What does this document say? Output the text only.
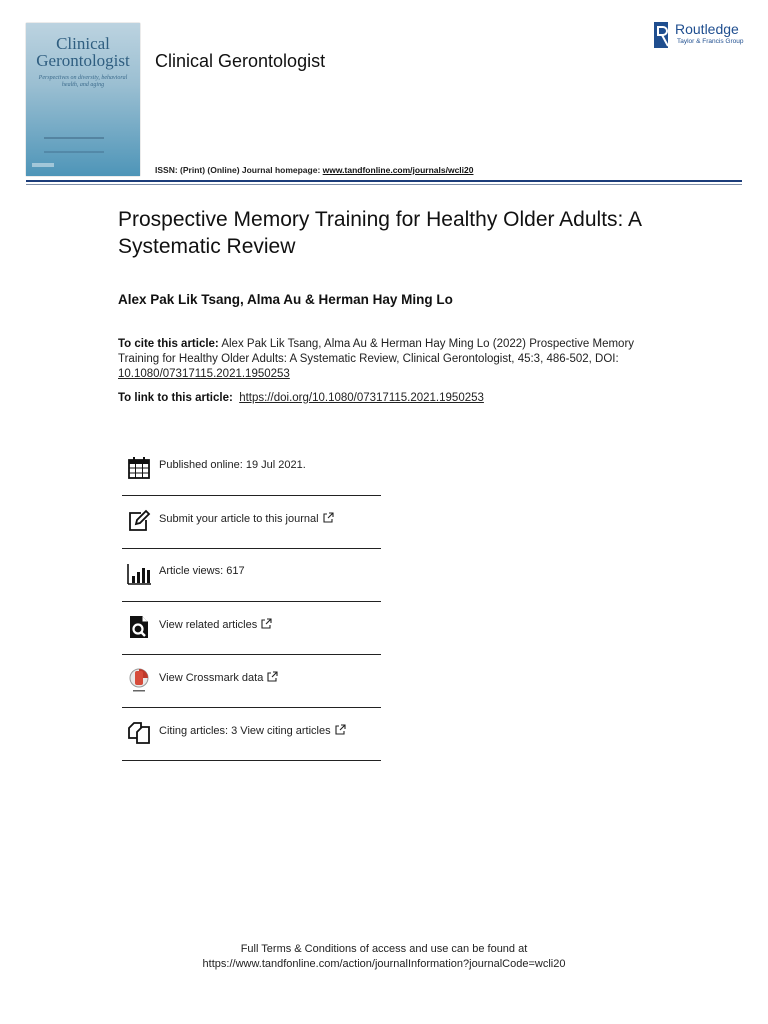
Clinical
Gerontologist
Perspectives on diversity, behavioral health, and aging
Clinical Gerontologist
ISSN: (Print) (Online) Journal homepage: www.tandfonline.com/journals/wcli20
Routledge
Taylor & Francis Group
Prospective Memory Training for Healthy Older Adults: A Systematic Review
Alex Pak Lik Tsang, Alma Au & Herman Hay Ming Lo
To cite this article: Alex Pak Lik Tsang, Alma Au & Herman Hay Ming Lo (2022) Prospective Memory Training for Healthy Older Adults: A Systematic Review, Clinical Gerontologist, 45:3, 486-502, DOI: 10.1080/07317115.2021.1950253
To link to this article:  https://doi.org/10.1080/07317115.2021.1950253
Published online: 19 Jul 2021.
Submit your article to this journal
Article views: 617
View related articles
View Crossmark data
Citing articles: 3 View citing articles
Full Terms & Conditions of access and use can be found at
https://www.tandfonline.com/action/journalInformation?journalCode=wcli20
